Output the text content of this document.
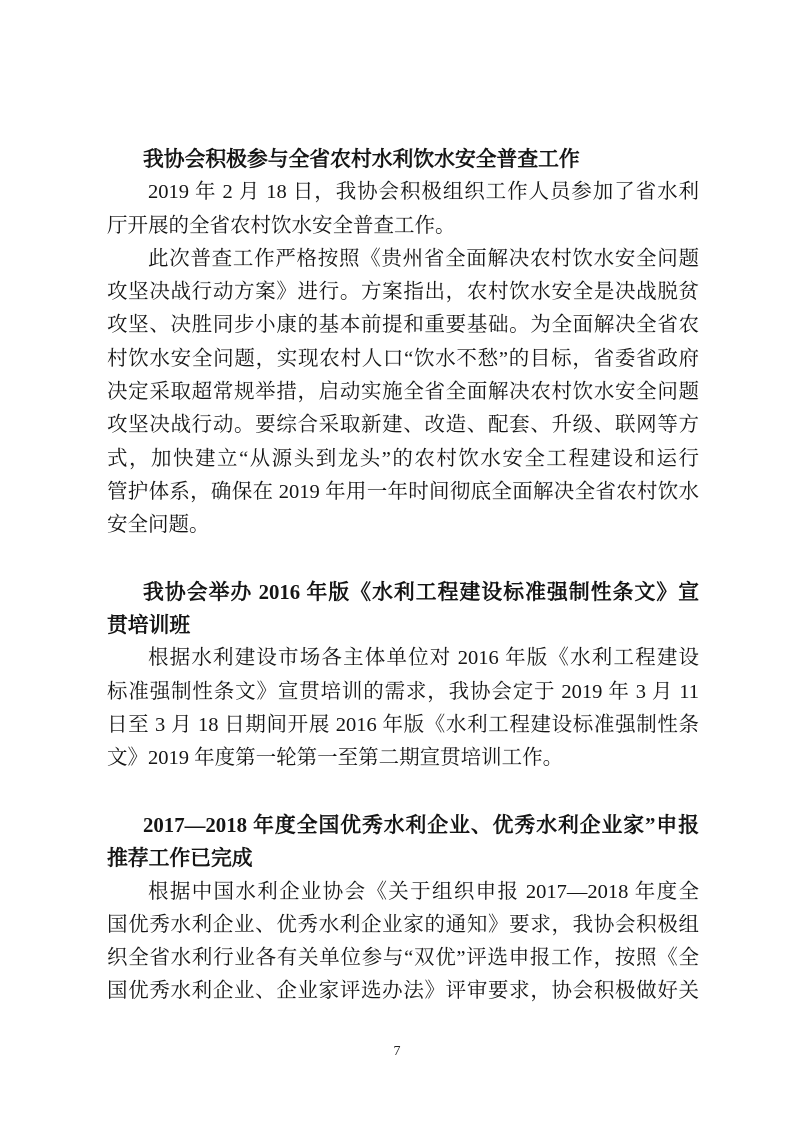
我协会积极参与全省农村水利饮水安全普查工作
2019 年 2 月 18 日，我协会积极组织工作人员参加了省水利
厅开展的全省农村饮水安全普查工作。
此次普查工作严格按照《贵州省全面解决农村饮水安全问题
攻坚决战行动方案》进行。方案指出，农村饮水安全是决战脱贫
攻坚、决胜同步小康的基本前提和重要基础。为全面解决全省农
村饮水安全问题，实现农村人口“饮水不愁”的目标，省委省政府
决定采取超常规举措，启动实施全省全面解决农村饮水安全问题
攻坚决战行动。要综合采取新建、改造、配套、升级、联网等方
式，加快建立“从源头到龙头”的农村饮水安全工程建设和运行
管护体系，确保在 2019 年用一年时间彻底全面解决全省农村饮水
安全问题。
我协会举办 2016 年版《水利工程建设标准强制性条文》宣
贯培训班
根据水利建设市场各主体单位对 2016 年版《水利工程建设
标准强制性条文》宣贯培训的需求，我协会定于 2019 年 3 月 11
日至 3 月 18 日期间开展 2016 年版《水利工程建设标准强制性条
文》2019 年度第一轮第一至第二期宣贯培训工作。
2017—2018 年度全国优秀水利企业、优秀水利企业家”申报
推荐工作已完成
根据中国水利企业协会《关于组织申报 2017—2018 年度全
国优秀水利企业、优秀水利企业家的通知》要求，我协会积极组
织全省水利行业各有关单位参与“双优”评选申报工作，按照《全
国优秀水利企业、企业家评选办法》评审要求，协会积极做好关
7
